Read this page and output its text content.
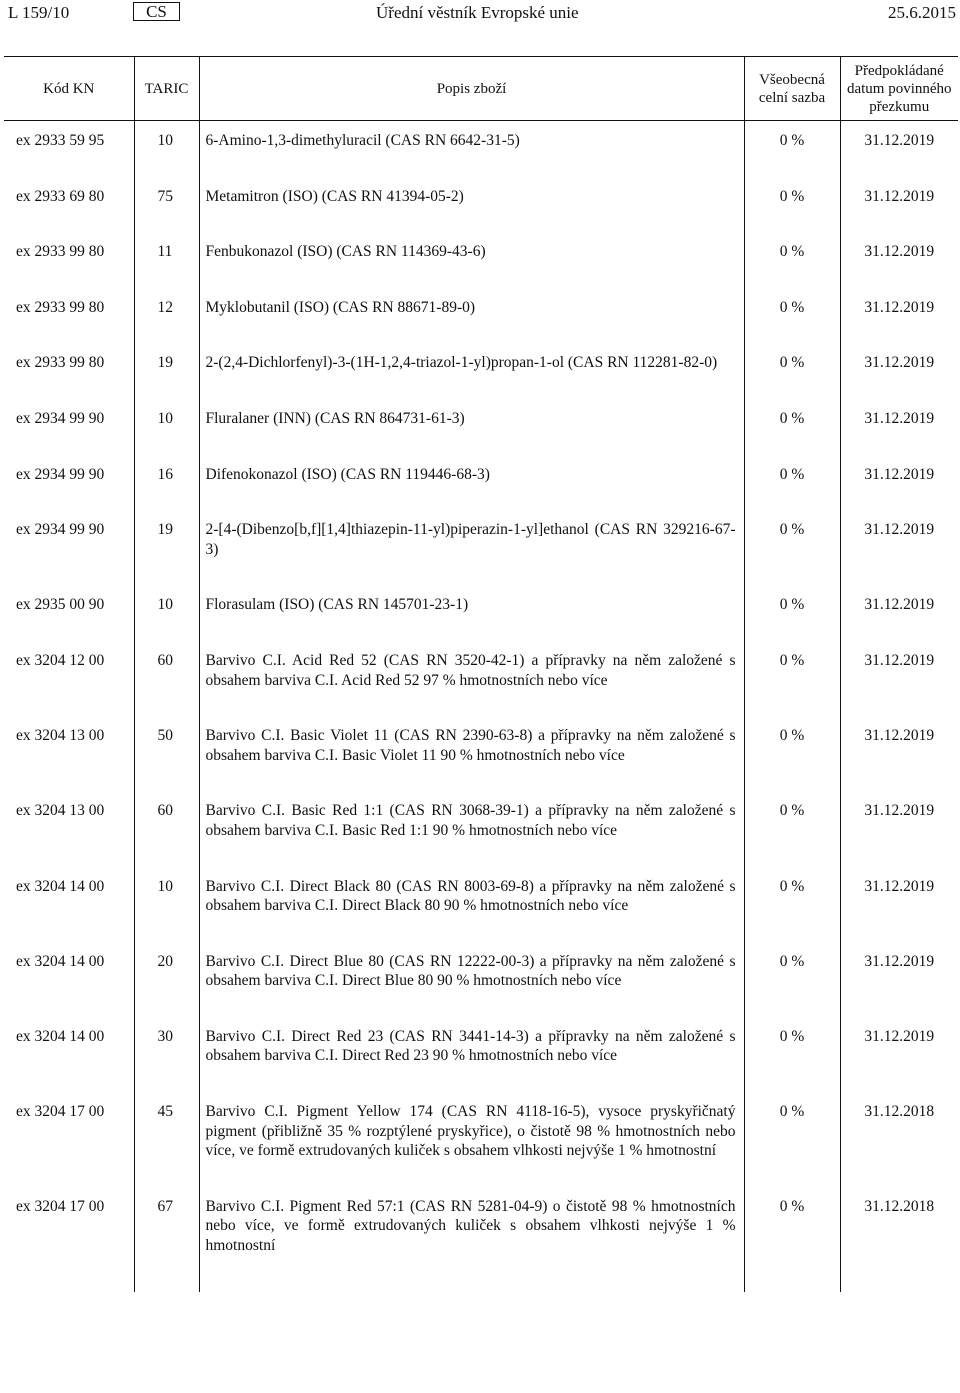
L 159/10	CS	Úřední věstník Evropské unie	25.6.2015
Kód KN	TARIC	Popis zboží	Všeobecná celní sazba	Předpokládané datum povinného přezkumu
ex 2933 59 95	10	6-Amino-1,3-dimethyluracil (CAS RN 6642-31-5)	0 %	31.12.2019
ex 2933 69 80	75	Metamitron (ISO) (CAS RN 41394-05-2)	0 %	31.12.2019
ex 2933 99 80	11	Fenbukonazol (ISO) (CAS RN 114369-43-6)	0 %	31.12.2019
ex 2933 99 80	12	Myklobutanil (ISO) (CAS RN 88671-89-0)	0 %	31.12.2019
ex 2933 99 80	19	2-(2,4-Dichlorfenyl)-3-(1H-1,2,4-triazol-1-yl)propan-1-ol (CAS RN 112281-82-0)	0 %	31.12.2019
ex 2934 99 90	10	Fluralaner (INN) (CAS RN 864731-61-3)	0 %	31.12.2019
ex 2934 99 90	16	Difenokonazol (ISO) (CAS RN 119446-68-3)	0 %	31.12.2019
ex 2934 99 90	19	2-[4-(Dibenzo[b,f][1,4]thiazepin-11-yl)piperazin-1-yl]ethanol (CAS RN 329216-67-3)	0 %	31.12.2019
ex 2935 00 90	10	Florasulam (ISO) (CAS RN 145701-23-1)	0 %	31.12.2019
ex 3204 12 00	60	Barvivo C.I. Acid Red 52 (CAS RN 3520-42-1) a přípravky na něm založené s obsahem barviva C.I. Acid Red 52 97 % hmotnostních nebo více	0 %	31.12.2019
ex 3204 13 00	50	Barvivo C.I. Basic Violet 11 (CAS RN 2390-63-8) a přípravky na něm založené s obsahem barviva C.I. Basic Violet 11 90 % hmotnostních nebo více	0 %	31.12.2019
ex 3204 13 00	60	Barvivo C.I. Basic Red 1:1 (CAS RN 3068-39-1) a přípravky na něm založené s obsahem barviva C.I. Basic Red 1:1 90 % hmotnostních nebo více	0 %	31.12.2019
ex 3204 14 00	10	Barvivo C.I. Direct Black 80 (CAS RN 8003-69-8) a přípravky na něm založené s obsahem barviva C.I. Direct Black 80 90 % hmotnostních nebo více	0 %	31.12.2019
ex 3204 14 00	20	Barvivo C.I. Direct Blue 80 (CAS RN 12222-00-3) a přípravky na něm založené s obsahem barviva C.I. Direct Blue 80 90 % hmotnostních nebo více	0 %	31.12.2019
ex 3204 14 00	30	Barvivo C.I. Direct Red 23 (CAS RN 3441-14-3) a přípravky na něm založené s obsahem barviva C.I. Direct Red 23 90 % hmotnostních nebo více	0 %	31.12.2019
ex 3204 17 00	45	Barvivo C.I. Pigment Yellow 174 (CAS RN 4118-16-5), vysoce pryskyřičnatý pigment (přibližně 35 % rozptýlené pryskyřice), o čistotě 98 % hmotnostních nebo více, ve formě extrudovaných kuliček s obsahem vlhkosti nejvýše 1 % hmotnostní	0 %	31.12.2018
ex 3204 17 00	67	Barvivo C.I. Pigment Red 57:1 (CAS RN 5281-04-9) o čistotě 98 % hmotnostních nebo více, ve formě extrudovaných kuliček s obsahem vlhkosti nejvýše 1 % hmotnostní	0 %	31.12.2018
